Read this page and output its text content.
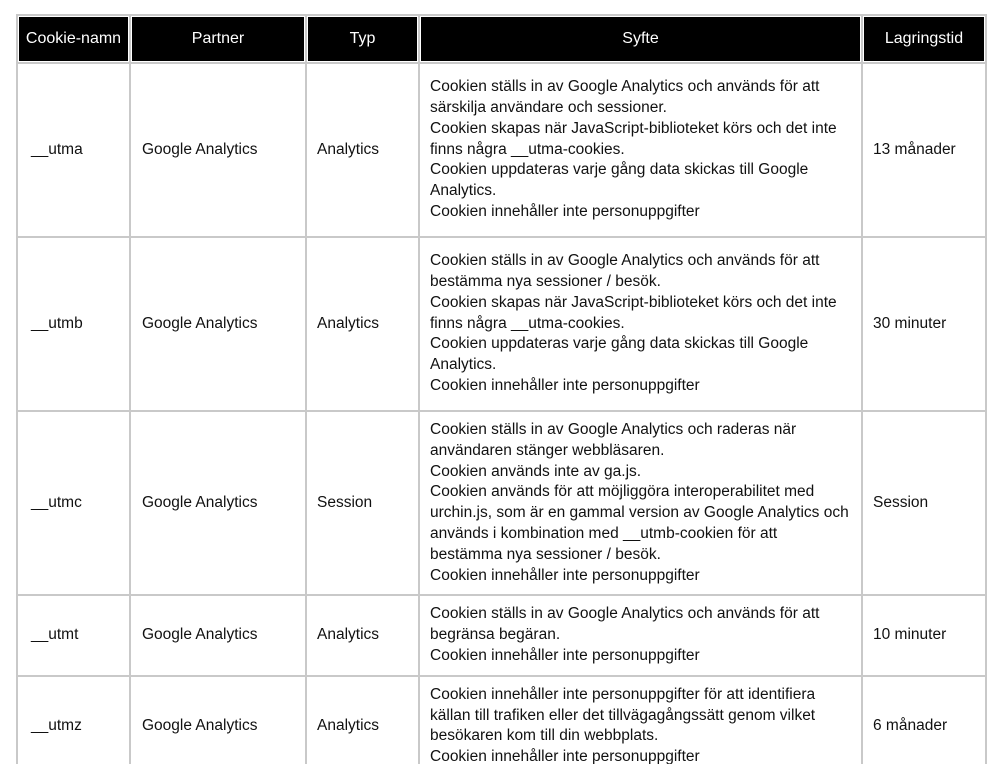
Cookie-namn	Partner	Typ	Syfte	Lagringstid
__utma	Google Analytics	Analytics	Cookien ställs in av Google Analytics och används för att särskilja användare och sessioner.
Cookien skapas när JavaScript-biblioteket körs och det inte finns några __utma-cookies.
Cookien uppdateras varje gång data skickas till Google Analytics.
Cookien innehåller inte personuppgifter	13 månader
__utmb	Google Analytics	Analytics	Cookien ställs in av Google Analytics och används för att bestämma nya sessioner / besök.
Cookien skapas när JavaScript-biblioteket körs och det inte finns några __utma-cookies.
Cookien uppdateras varje gång data skickas till Google Analytics.
Cookien innehåller inte personuppgifter	30 minuter
__utmc	Google Analytics	Session	Cookien ställs in av Google Analytics och raderas när användaren stänger webbläsaren.
Cookien används inte av ga.js.
Cookien används för att möjliggöra interoperabilitet med urchin.js, som är en gammal version av Google Analytics och används i kombination med __utmb-cookien för att bestämma nya sessioner / besök.
Cookien innehåller inte personuppgifter	Session
__utmt	Google Analytics	Analytics	Cookien ställs in av Google Analytics och används för att begränsa begäran.
Cookien innehåller inte personuppgifter	10 minuter
__utmz	Google Analytics	Analytics	Cookien innehåller inte personuppgifter för att identifiera källan till trafiken eller det tillvägagångssätt genom vilket besökaren kom till din webbplats.
Cookien innehåller inte personuppgifter	6 månader
